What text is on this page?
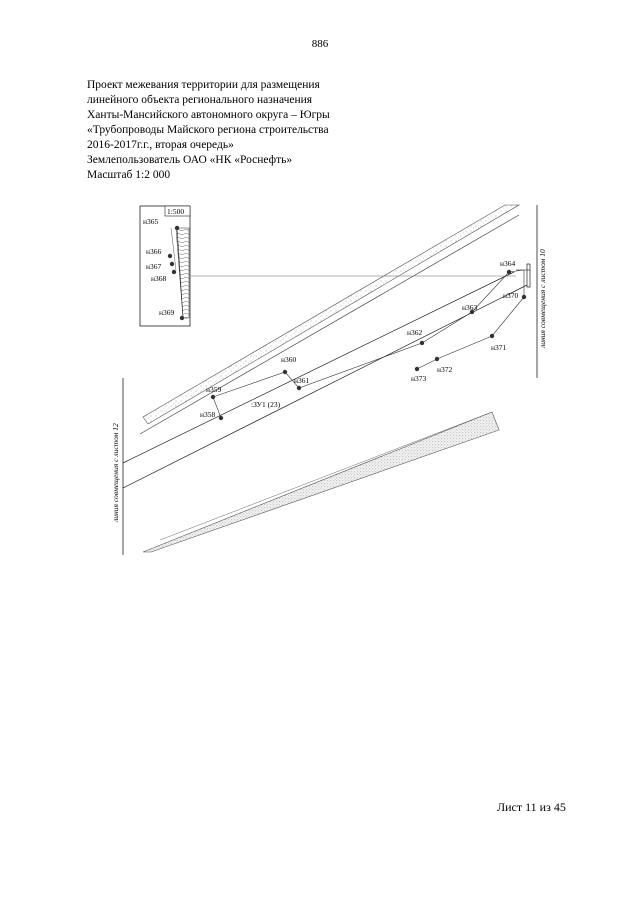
886
Проект межевания территории для размещения
линейного объекта регионального назначения
Ханты-Мансийского автономного округа – Югры
«Трубопроводы Майского региона строительства
2016-2017г.г., вторая очередь»
Землепользователь ОАО «НК «Роснефть»
Масштаб 1:2 000
1:500
н358
н359
н360
н361
н362
н363
н364
н365
н366
н367
н368
н369
н370
н371
н372
н373
:ЗУ1 (23)
линия совмещения с листом 10
линия совмещения с листом 12
Лист 11 из 45
